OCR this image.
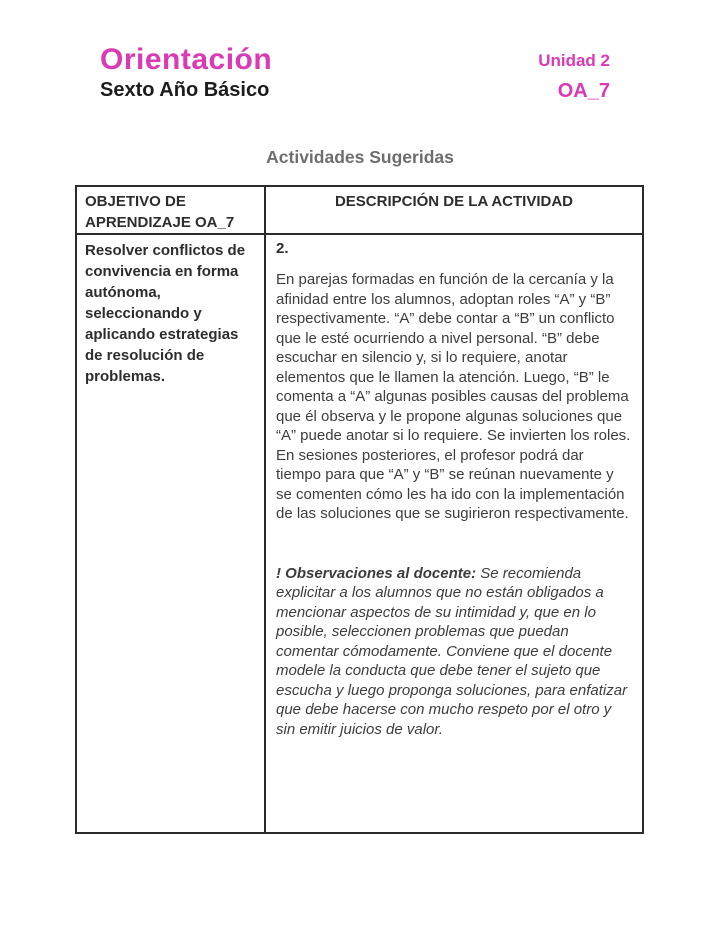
Orientación
Sexto Año Básico
Unidad 2
OA_7
Actividades Sugeridas
OBJETIVO DE APRENDIZAJE OA_7
DESCRIPCIÓN DE LA ACTIVIDAD
Resolver conflictos de convivencia en forma autónoma, seleccionando y aplicando estrategias de resolución de problemas.

2.

En parejas formadas en función de la cercanía y la afinidad entre los alumnos, adoptan roles “A” y “B” respectivamente. “A” debe contar a “B” un conflicto que le esté ocurriendo a nivel personal. “B” debe escuchar en silencio y, si lo requiere, anotar elementos que le llamen la atención. Luego, “B” le comenta a “A” algunas posibles causas del problema que él observa y le propone algunas soluciones que “A” puede anotar si lo requiere. Se invierten los roles. En sesiones posteriores, el profesor podrá dar tiempo para que “A” y “B” se reúnan nuevamente y se comenten cómo les ha ido con la implementación de las soluciones que se sugirieron respectivamente.

! Observaciones al docente: Se recomienda explicitar a los alumnos que no están obligados a mencionar aspectos de su intimidad y, que en lo posible, seleccionen problemas que puedan comentar cómodamente. Conviene que el docente modele la conducta que debe tener el sujeto que escucha y luego proponga soluciones, para enfatizar que debe hacerse con mucho respeto por el otro y sin emitir juicios de valor.
